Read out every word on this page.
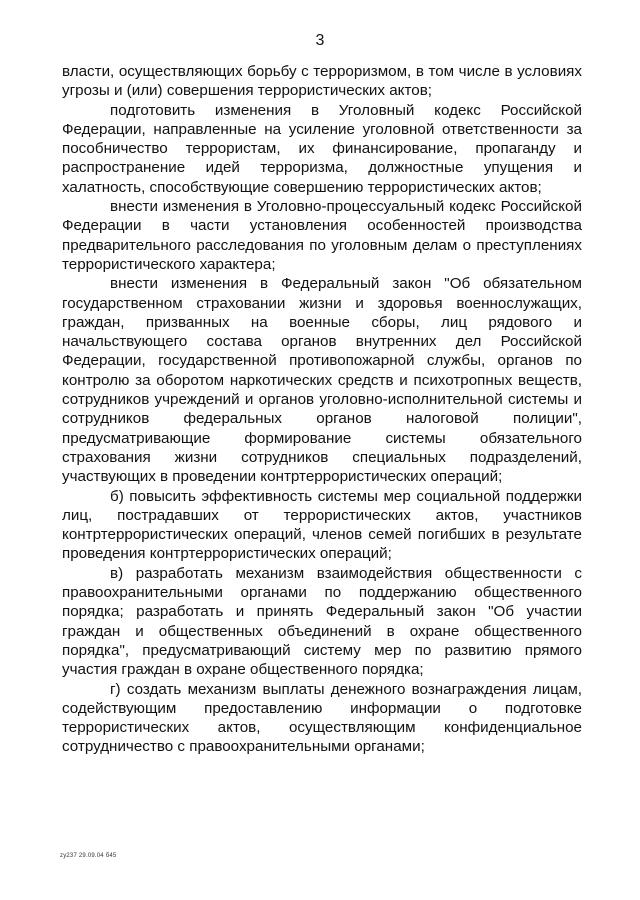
3

власти, осуществляющих борьбу с терроризмом, в том числе в условиях угрозы и (или) совершения террористических актов;

подготовить изменения в Уголовный кодекс Российской Федерации, направленные на усиление уголовной ответственности за пособничество террористам, их финансирование, пропаганду и распространение идей терроризма, должностные упущения и халатность, способствующие совершению террористических актов;

внести изменения в Уголовно-процессуальный кодекс Российской Федерации в части установления особенностей производства предварительного расследования по уголовным делам о преступлениях террористического характера;

внести изменения в Федеральный закон "Об обязательном государственном страховании жизни и здоровья военнослужащих, граждан, призванных на военные сборы, лиц рядового и начальствующего состава органов внутренних дел Российской Федерации, государственной противопожарной службы, органов по контролю за оборотом наркотических средств и психотропных веществ, сотрудников учреждений и органов уголовно-исполнительной системы и сотрудников федеральных органов налоговой полиции", предусматривающие формирование системы обязательного страхования жизни сотрудников специальных подразделений, участвующих в проведении контртеррористических операций;

б) повысить эффективность системы мер социальной поддержки лиц, пострадавших от террористических актов, участников контртеррористических операций, членов семей погибших в результате проведения контртеррористических операций;

в) разработать механизм взаимодействия общественности с правоохранительными органами по поддержанию общественного порядка; разработать и принять Федеральный закон "Об участии граждан и общественных объединений в охране общественного порядка", предусматривающий систему мер по развитию прямого участия граждан в охране общественного порядка;

г) создать механизм выплаты денежного вознаграждения лицам, содействующим предоставлению информации о подготовке террористических актов, осуществляющим конфиденциальное сотрудничество с правоохранительными органами;

zy237 29.09.04 б45
